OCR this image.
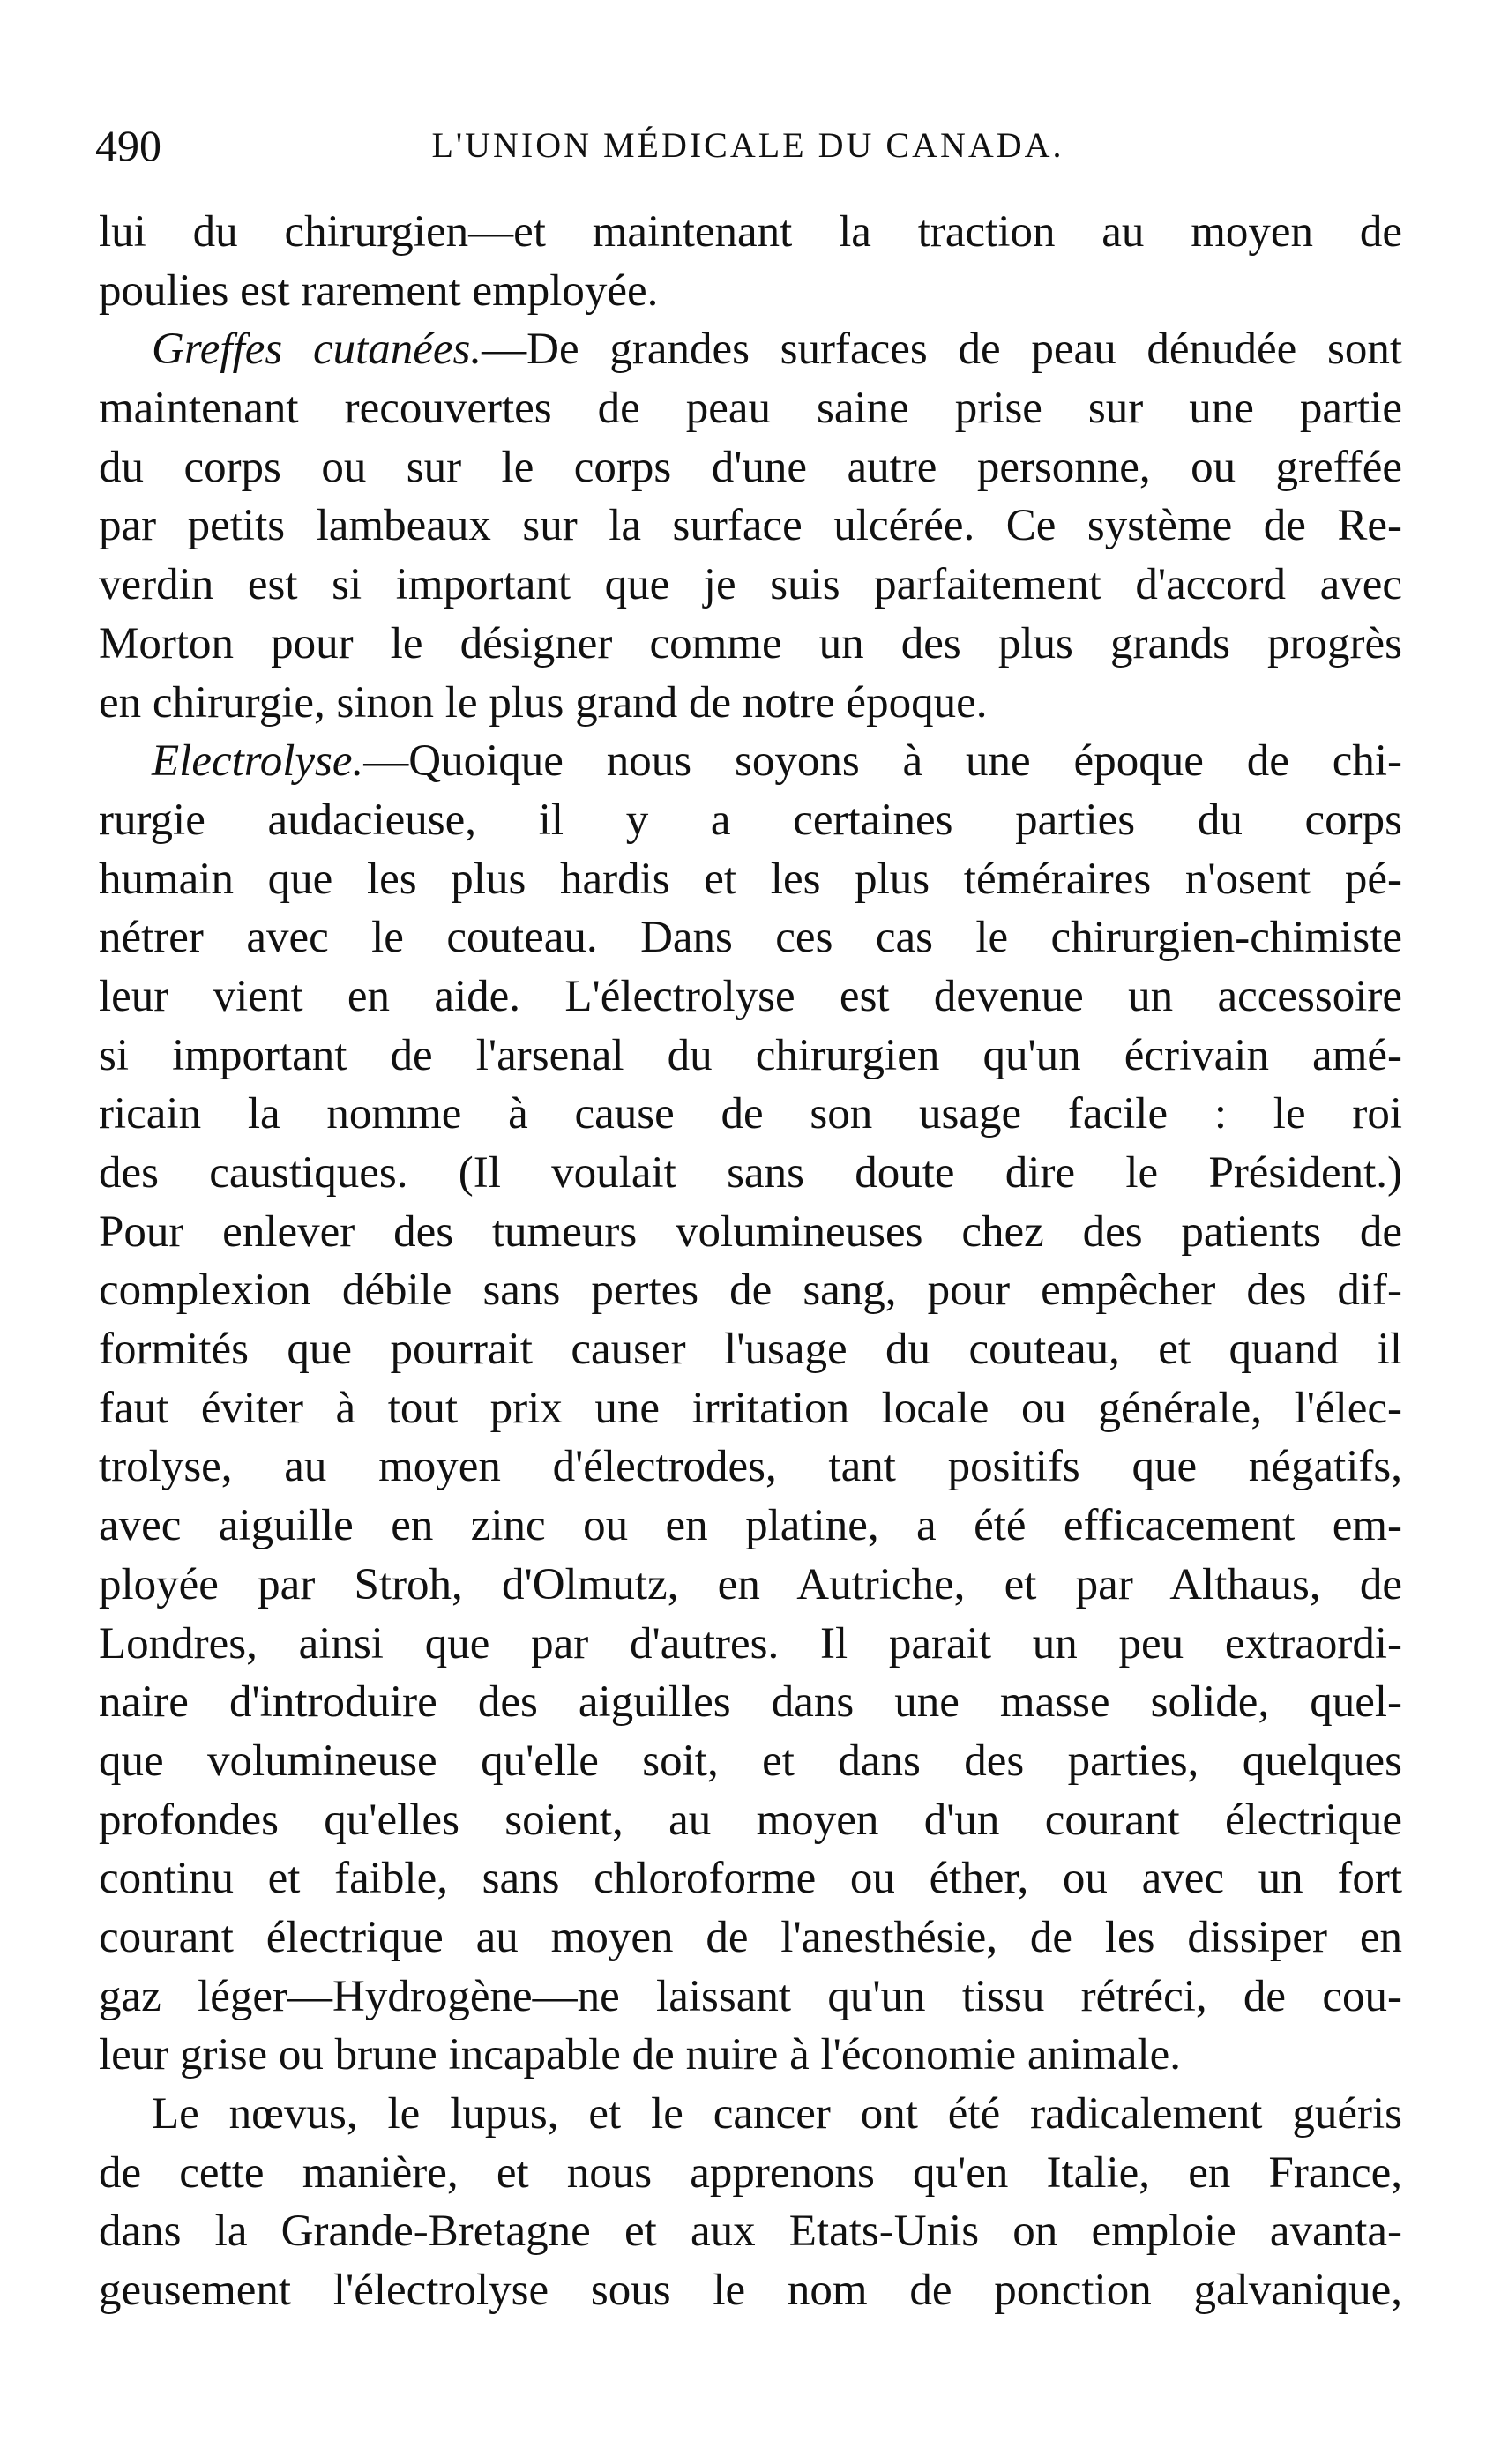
490	L'UNION MÉDICALE DU CANADA.
lui du chirurgien—et maintenant la traction au moyen de
poulies est rarement employée.
Greffes cutanées.—De grandes surfaces de peau dénudée sont
maintenant recouvertes de peau saine prise sur une partie
du corps ou sur le corps d'une autre personne, ou greffée
par petits lambeaux sur la surface ulcérée. Ce système de Re-
verdin est si important que je suis parfaitement d'accord avec
Morton pour le désigner comme un des plus grands progrès
en chirurgie, sinon le plus grand de notre époque.
Electrolyse.—Quoique nous soyons à une époque de chi-
rurgie audacieuse, il y a certaines parties du corps
humain que les plus hardis et les plus téméraires n'osent pé-
nétrer avec le couteau. Dans ces cas le chirurgien-chimiste
leur vient en aide. L'électrolyse est devenue un accessoire
si important de l'arsenal du chirurgien qu'un écrivain amé-
ricain la nomme à cause de son usage facile : le roi
des caustiques. (Il voulait sans doute dire le Président.)
Pour enlever des tumeurs volumineuses chez des patients de
complexion débile sans pertes de sang, pour empêcher des dif-
formités que pourrait causer l'usage du couteau, et quand il
faut éviter à tout prix une irritation locale ou générale, l'élec-
trolyse, au moyen d'électrodes, tant positifs que négatifs,
avec aiguille en zinc ou en platine, a été efficacement em-
ployée par Stroh, d'Olmutz, en Autriche, et par Althaus, de
Londres, ainsi que par d'autres. Il parait un peu extraordi-
naire d'introduire des aiguilles dans une masse solide, quel-
que volumineuse qu'elle soit, et dans des parties, quelques
profondes qu'elles soient, au moyen d'un courant électrique
continu et faible, sans chloroforme ou éther, ou avec un fort
courant électrique au moyen de l'anesthésie, de les dissiper en
gaz léger—Hydrogène—ne laissant qu'un tissu rétréci, de cou-
leur grise ou brune incapable de nuire à l'économie animale.
Le nœvus, le lupus, et le cancer ont été radicalement guéris
de cette manière, et nous apprenons qu'en Italie, en France,
dans la Grande-Bretagne et aux Etats-Unis on emploie avanta-
geusement l'électrolyse sous le nom de ponction galvanique,
